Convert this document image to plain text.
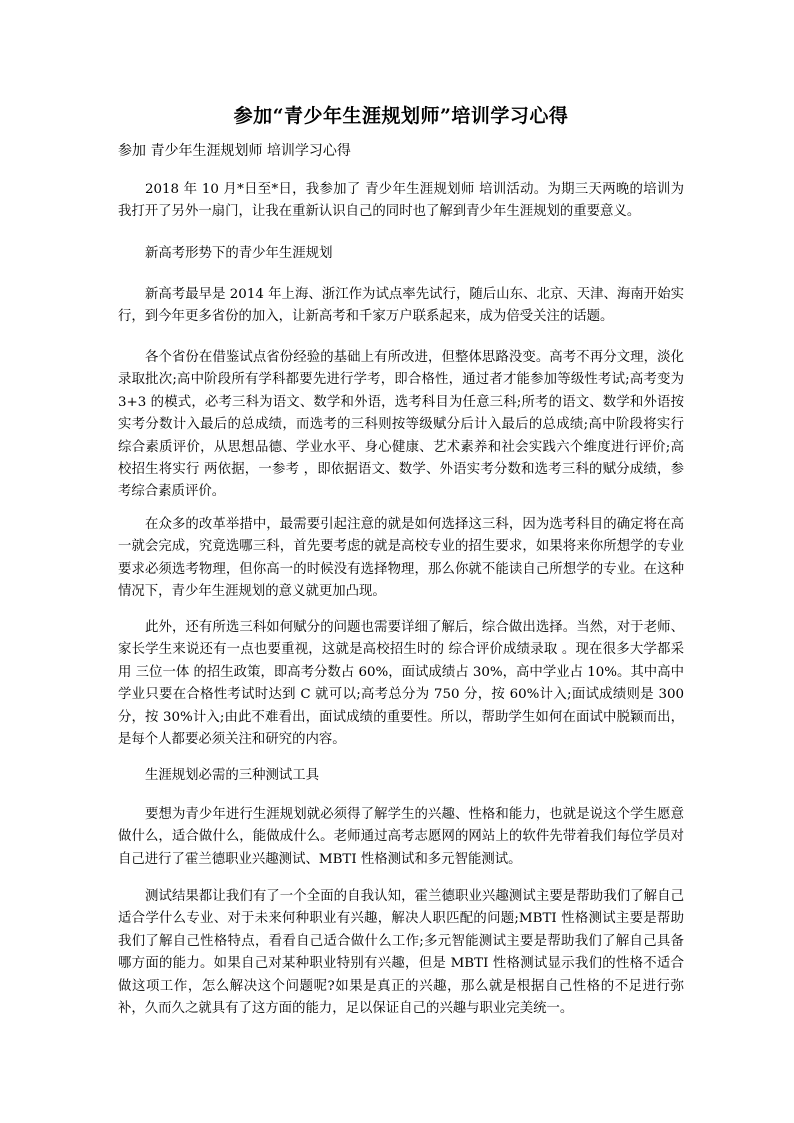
参加“青少年生涯规划师”培训学习心得

参加 青少年生涯规划师 培训学习心得

2018 年 10 月*日至*日，我参加了 青少年生涯规划师 培训活动。为期三天两晚的培训为我打开了另外一扇门，让我在重新认识自己的同时也了解到青少年生涯规划的重要意义。

新高考形势下的青少年生涯规划

新高考最早是 2014 年上海、浙江作为试点率先试行，随后山东、北京、天津、海南开始实行，到今年更多省份的加入，让新高考和千家万户联系起来，成为倍受关注的话题。

各个省份在借鉴试点省份经验的基础上有所改进，但整体思路没变。高考不再分文理，淡化录取批次;高中阶段所有学科都要先进行学考，即合格性，通过者才能参加等级性考试;高考变为 3+3 的模式，必考三科为语文、数学和外语，选考科目为任意三科;所考的语文、数学和外语按实考分数计入最后的总成绩，而选考的三科则按等级赋分后计入最后的总成绩;高中阶段将实行综合素质评价，从思想品德、学业水平、身心健康、艺术素养和社会实践六个维度进行评价;高校招生将实行 两依据，一参考 ，即依据语文、数学、外语实考分数和选考三科的赋分成绩，参考综合素质评价。

在众多的改革举措中，最需要引起注意的就是如何选择这三科，因为选考科目的确定将在高一就会完成，究竟选哪三科，首先要考虑的就是高校专业的招生要求，如果将来你所想学的专业要求必须选考物理，但你高一的时候没有选择物理，那么你就不能读自己所想学的专业。在这种情况下，青少年生涯规划的意义就更加凸现。

此外，还有所选三科如何赋分的问题也需要详细了解后，综合做出选择。当然，对于老师、家长学生来说还有一点也要重视，这就是高校招生时的 综合评价成绩录取 。现在很多大学都采用 三位一体 的招生政策，即高考分数占 60%，面试成绩占 30%，高中学业占 10%。其中高中学业只要在合格性考试时达到 C 就可以;高考总分为 750 分，按 60%计入;面试成绩则是 300 分，按 30%计入;由此不难看出，面试成绩的重要性。所以，帮助学生如何在面试中脱颖而出，是每个人都要必须关注和研究的内容。

生涯规划必需的三种测试工具

要想为青少年进行生涯规划就必须得了解学生的兴趣、性格和能力，也就是说这个学生愿意做什么，适合做什么，能做成什么。老师通过高考志愿网的网站上的软件先带着我们每位学员对自己进行了霍兰德职业兴趣测试、MBTI 性格测试和多元智能测试。

测试结果都让我们有了一个全面的自我认知，霍兰德职业兴趣测试主要是帮助我们了解自己适合学什么专业、对于未来何种职业有兴趣，解决人职匹配的问题;MBTI 性格测试主要是帮助我们了解自己性格特点，看看自己适合做什么工作;多元智能测试主要是帮助我们了解自己具备哪方面的能力。如果自己对某种职业特别有兴趣，但是 MBTI 性格测试显示我们的性格不适合做这项工作，怎么解决这个问题呢?如果是真正的兴趣，那么就是根据自己性格的不足进行弥补，久而久之就具有了这方面的能力，足以保证自己的兴趣与职业完美统一。
